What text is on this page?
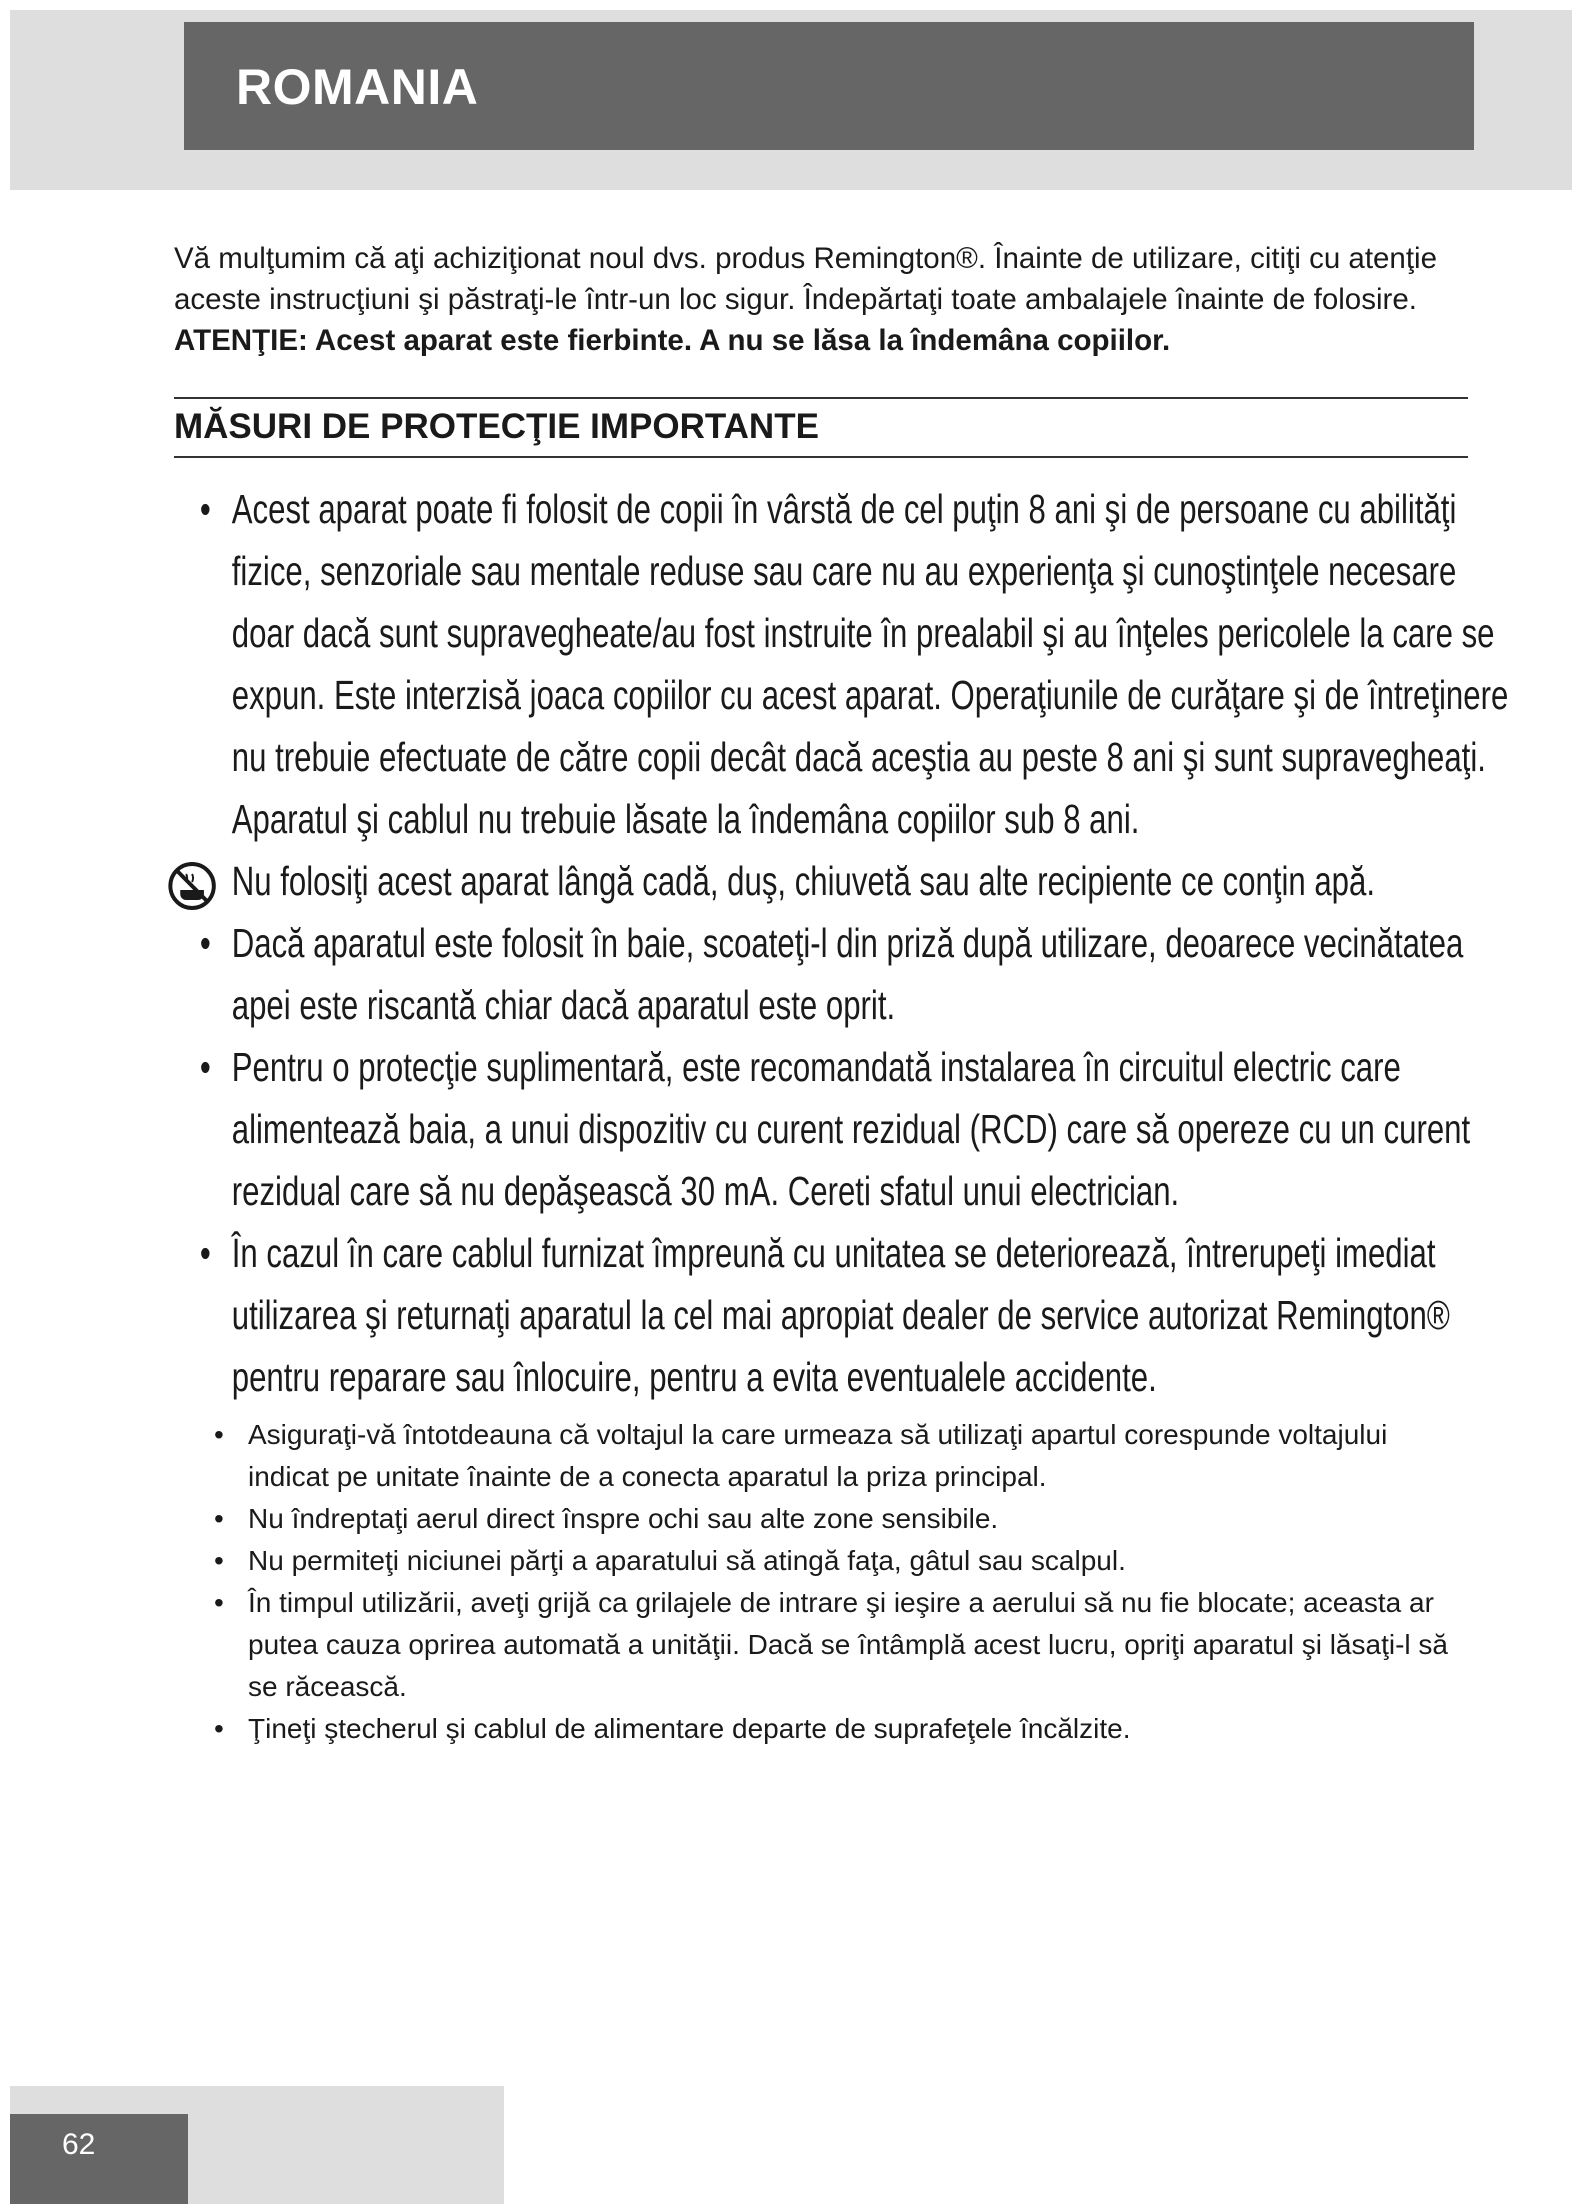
ROMANIA

Vă mulţumim că aţi achiziţionat noul dvs. produs Remington®. Înainte de utilizare, citiţi cu atenţie aceste instrucţiuni şi păstraţi-le într-un loc sigur. Îndepărtaţi toate ambalajele înainte de folosire. ATENŢIE: Acest aparat este fierbinte. A nu se lăsa la îndemâna copiilor.

MĂSURI DE PROTECŢIE IMPORTANTE
• Acest aparat poate fi folosit de copii în vârstă de cel puţin 8 ani şi de persoane cu abilităţi fizice, senzoriale sau mentale reduse sau care nu au experienţa şi cunoştinţele necesare doar dacă sunt supravegheate/au fost instruite în prealabil şi au înţeles pericolele la care se expun. Este interzisă joaca copiilor cu acest aparat. Operaţiunile de curăţare şi de întreţinere nu trebuie efectuate de către copii decât dacă aceştia au peste 8 ani şi sunt supravegheaţi. Aparatul şi cablul nu trebuie lăsate la îndemâna copiilor sub 8 ani.
Nu folosiţi acest aparat lângă cadă, duş, chiuvetă sau alte recipiente ce conţin apă.
• Dacă aparatul este folosit în baie, scoateţi-l din priză după utilizare, deoarece vecinătatea apei este riscantă chiar dacă aparatul este oprit.
• Pentru o protecţie suplimentară, este recomandată instalarea în circuitul electric care alimentează baia, a unui dispozitiv cu curent rezidual (RCD) care să opereze cu un curent rezidual care să nu depăşească 30 mA. Cereti sfatul unui electrician.
• În cazul în care cablul furnizat împreună cu unitatea se deteriorează, întrerupeţi imediat utilizarea şi returnaţi aparatul la cel mai apropiat dealer de service autorizat Remington® pentru reparare sau înlocuire, pentru a evita eventualele accidente.
• Asiguraţi-vă întotdeauna că voltajul la care urmeaza să utilizaţi apartul corespunde voltajului indicat pe unitate înainte de a conecta aparatul la priza principal.
• Nu îndreptaţi aerul direct înspre ochi sau alte zone sensibile.
• Nu permiteţi niciunei părţi a aparatului să atingă faţa, gâtul sau scalpul.
• În timpul utilizării, aveţi grijă ca grilajele de intrare şi ieşire a aerului să nu fie blocate; aceasta ar putea cauza oprirea automată a unităţii. Dacă se întâmplă acest lucru, opriţi aparatul şi lăsaţi-l să se răcească.
• Ţineţi ştecherul şi cablul de alimentare departe de suprafeţele încălzite.
62
